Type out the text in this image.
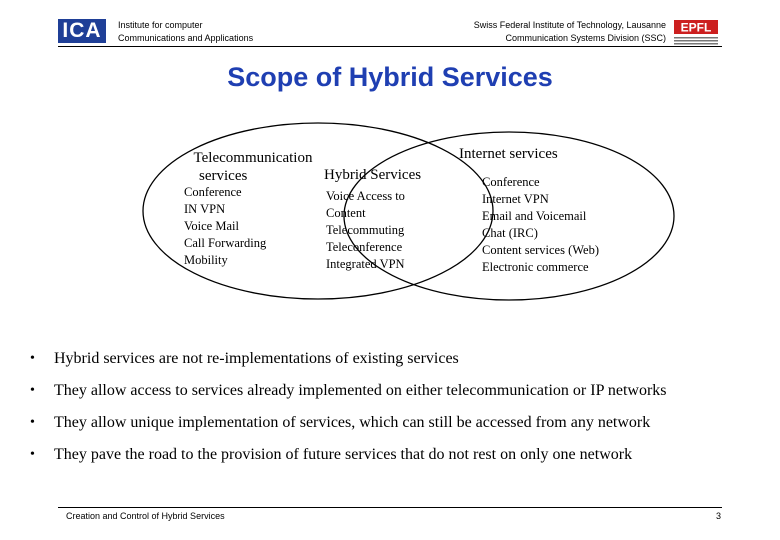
ICA	Institute for computer
Communications and Applications
Swiss Federal Institute of Technology, Lausanne
Communication Systems Division (SSC)
EPFL
Scope of Hybrid Services
Telecommunication
services
Conference
IN VPN
Voice Mail
Call Forwarding
Mobility
Hybrid Services
Voice Access to
Content
Telecommuting
Teleconference
Integrated VPN
Internet services
Conference
Internet VPN
Email and Voicemail
Chat (IRC)
Content services (Web)
Electronic commerce
• Hybrid services are not re-implementations of existing services
• They allow access to services already implemented on either telecommunication or IP networks
• They allow unique implementation of services, which can still be accessed from any network
• They pave the road to the provision of future services that do not rest on only one network
Creation and Control of Hybrid Services	3
